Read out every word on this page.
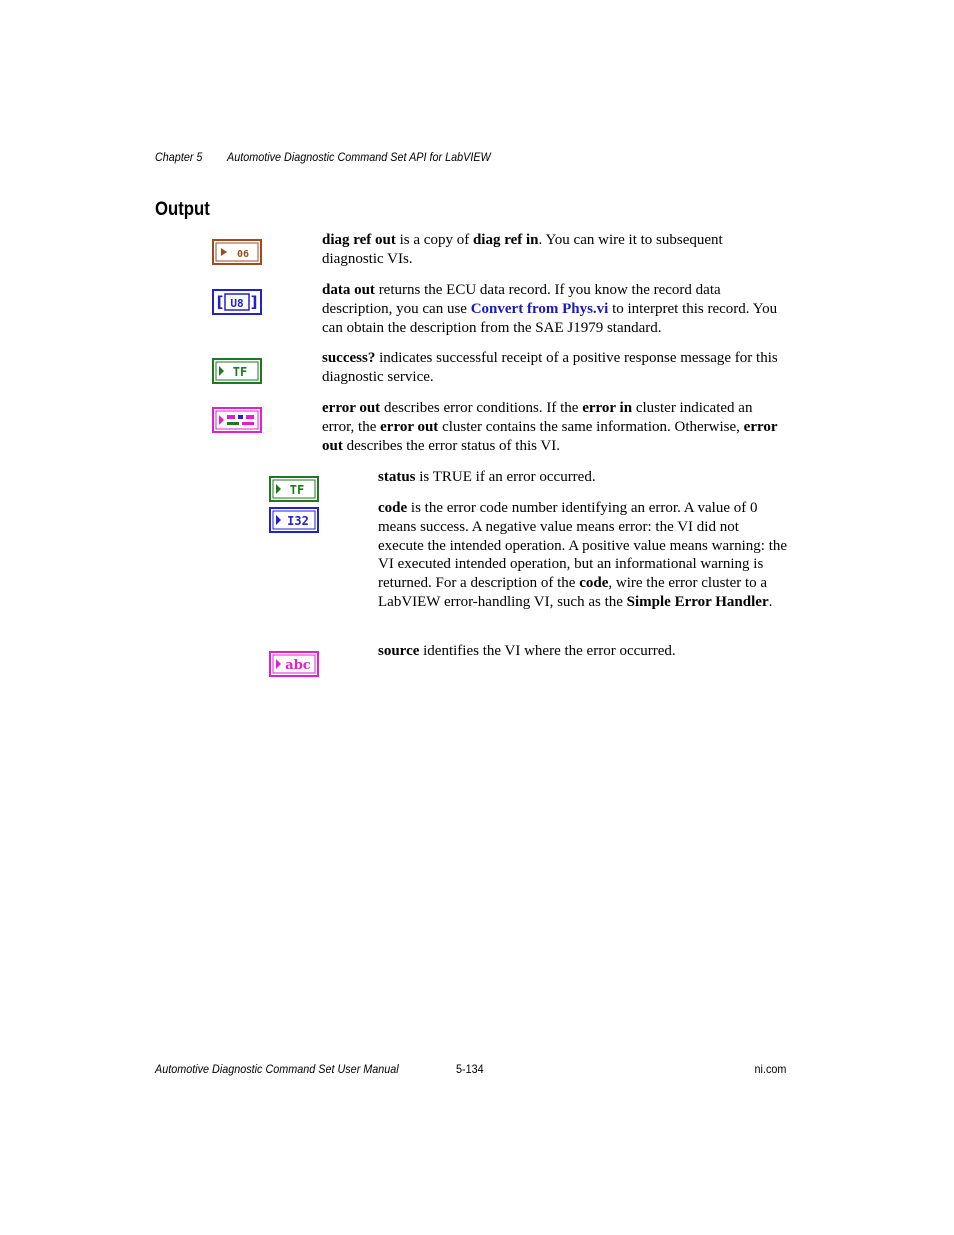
Chapter 5 Automotive Diagnostic Command Set API for LabVIEW
Output
06
diag ref out is a copy of diag ref in. You can wire it to subsequent diagnostic VIs.
[ U8 ]
data out returns the ECU data record. If you know the record data description, you can use Convert from Phys.vi to interpret this record. You can obtain the description from the SAE J1979 standard.
TF
success? indicates successful receipt of a positive response message for this diagnostic service.
error out describes error conditions. If the error in cluster indicated an error, the error out cluster contains the same information. Otherwise, error out describes the error status of this VI.
TF
status is TRUE if an error occurred.
I32
code is the error code number identifying an error. A value of 0 means success. A negative value means error: the VI did not execute the intended operation. A positive value means warning: the VI executed intended operation, but an informational warning is returned. For a description of the code, wire the error cluster to a LabVIEW error-handling VI, such as the Simple Error Handler.
abc
source identifies the VI where the error occurred.
Automotive Diagnostic Command Set User Manual	5-134	ni.com
